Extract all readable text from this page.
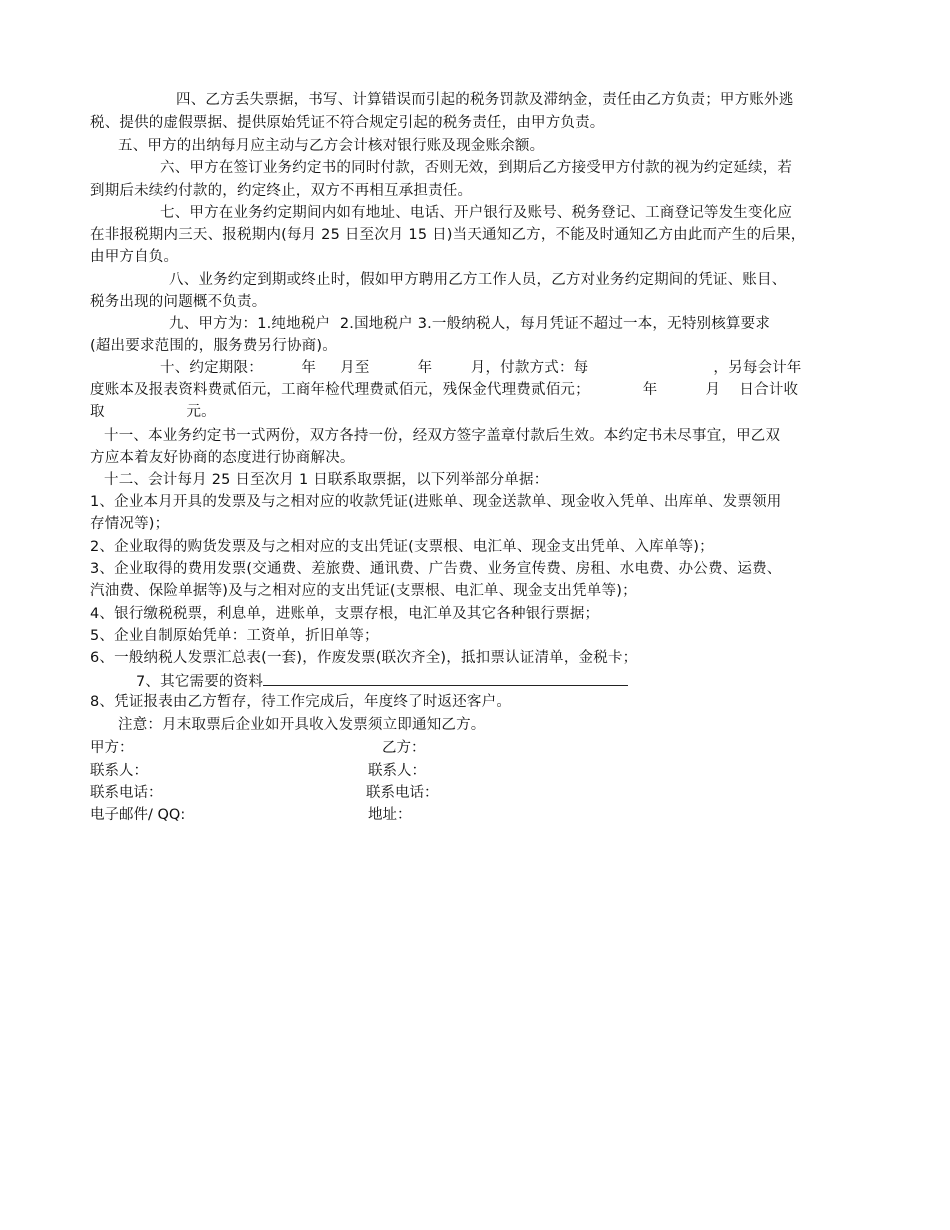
四、乙方丢失票据，书写、计算错误而引起的税务罚款及滞纳金，责任由乙方负责；甲方账外逃
税、提供的虚假票据、提供原始凭证不符合规定引起的税务责任，由甲方负责。
五、甲方的出纳每月应主动与乙方会计核对银行账及现金账余额。
六、甲方在签订业务约定书的同时付款，否则无效，到期后乙方接受甲方付款的视为约定延续，若
到期后未续约付款的，约定终止，双方不再相互承担责任。
七、甲方在业务约定期间内如有地址、电话、开户银行及账号、税务登记、工商登记等发生变化应
在非报税期内三天、报税期内(每月 25 日至次月 15 日)当天通知乙方，不能及时通知乙方由此而产生的后果，
由甲方自负。
八、业务约定到期或终止时，假如甲方聘用乙方工作人员，乙方对业务约定期间的凭证、账目、
税务出现的问题概不负责。
九、甲方为：1.纯地税户  2.国地税户 3.一般纳税人，每月凭证不超过一本，无特别核算要求
(超出要求范围的，服务费另行协商)。
十、约定期限：        年     月至          年        月，付款方式：每                          ，另每会计年
度账本及报表资料费贰佰元，工商年检代理费贰佰元，残保金代理费贰佰元；           年          月    日合计收
取                 元。
十一、本业务约定书一式两份，双方各持一份，经双方签字盖章付款后生效。本约定书未尽事宜，甲乙双
方应本着友好协商的态度进行协商解决。
十二、会计每月 25 日至次月 1 日联系取票据，以下列举部分单据：
1、企业本月开具的发票及与之相对应的收款凭证(进账单、现金送款单、现金收入凭单、出库单、发票领用
存情况等)；
2、企业取得的购货发票及与之相对应的支出凭证(支票根、电汇单、现金支出凭单、入库单等)；
3、企业取得的费用发票(交通费、差旅费、通讯费、广告费、业务宣传费、房租、水电费、办公费、运费、
汽油费、保险单据等)及与之相对应的支出凭证(支票根、电汇单、现金支出凭单等)；
4、银行缴税税票，利息单，进账单，支票存根，电汇单及其它各种银行票据；
5、企业自制原始凭单：工资单，折旧单等；
6、一般纳税人发票汇总表(一套)，作废发票(联次齐全)，抵扣票认证清单，金税卡；
7、其它需要的资料
8、凭证报表由乙方暂存，待工作完成后，年度终了时返还客户。
注意：月末取票后企业如开具收入发票须立即通知乙方。
甲方：	乙方：
联系人：	联系人：
联系电话：	联系电话：
电子邮件/ QQ:	地址：
